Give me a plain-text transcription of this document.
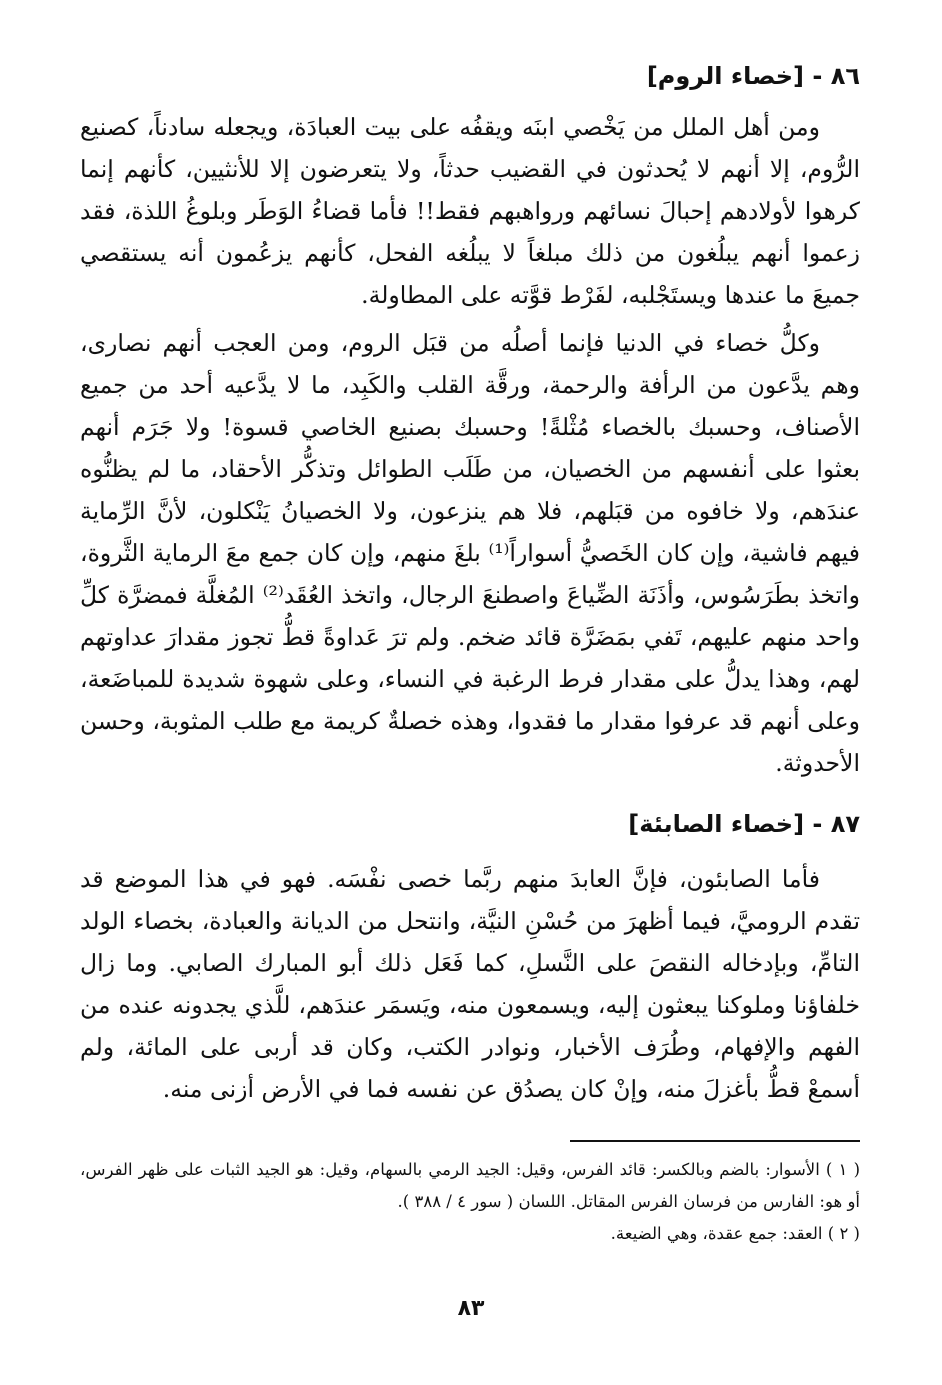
٨٦ - [خصاء الروم]

ومن أهل الملل من يَخْصي ابنَه ويقفُه على بيت العبادَة، ويجعله سادناً، كصنيع الرُّوم، إلا أنهم لا يُحدثون في القضيب حدثاً، ولا يتعرضون إلا للأنثيين، كأنهم إنما كرهوا لأولادهم إحبالَ نسائهم ورواهبهم فقط!! فأما قضاءُ الوَطَر وبلوغُ اللذة، فقد زعموا أنهم يبلُغون من ذلك مبلغاً لا يبلُغه الفحل، كأنهم يزعُمون أنه يستقصي جميعَ ما عندها ويستَجْلبه، لفَرْط قوَّته على المطاولة.

وكلُّ خصاء في الدنيا فإنما أصلُه من قبَل الروم، ومن العجب أنهم نصارى، وهم يدَّعون من الرأفة والرحمة، ورقَّة القلب والكَبِد، ما لا يدَّعيه أحد من جميع الأصناف، وحسبك بالخصاء مُثْلةً! وحسبك بصنيع الخاصي قسوة! ولا جَرَم أنهم بعثوا على أنفسهم من الخصيان، من طَلَب الطوائل وتذكُّر الأحقاد، ما لم يظنُّوه عندَهم، ولا خافوه من قبَلهم، فلا هم ينزعون، ولا الخصيانُ يَنْكلون، لأنَّ الرِّماية فيهم فاشية، وإن كان الخَصيُّ أسواراً⁽¹⁾ بلغَ منهم، وإن كان جمع معَ الرماية الثَّروة، واتخذ بطَرَسُوس، وأذَنَة الضِّياعَ واصطنعَ الرجال، واتخذ العُقَد⁽²⁾ المُغلَّة فمضرَّة كلِّ واحد منهم عليهم، تَفي بمَضَرَّة قائد ضخم. ولم ترَ عَداوةً قطُّ تجوز مقدارَ عداوتهم لهم، وهذا يدلُّ على مقدار فرط الرغبة في النساء، وعلى شهوة شديدة للمباضَعة، وعلى أنهم قد عرفوا مقدار ما فقدوا، وهذه خصلةٌ كريمة مع طلب المثوبة، وحسن الأحدوثة.

٨٧ - [خصاء الصابئة]

فأما الصابئون، فإنَّ العابدَ منهم ربَّما خصى نفْسَه. فهو في هذا الموضع قد تقدم الروميَّ، فيما أظهرَ من حُسْنِ النيَّة، وانتحل من الديانة والعبادة، بخصاء الولد التامِّ، وبإدخاله النقصَ على النَّسلِ، كما فَعَل ذلك أبو المبارك الصابي. وما زال خلفاؤنا وملوكنا يبعثون إليه، ويسمعون منه، ويَسمَر عندَهم، للَّذي يجدونه عنده من الفهم والإفهام، وطُرَف الأخبار، ونوادر الكتب، وكان قد أربى على المائة، ولم أسمعْ قطُّ بأغزلَ منه، وإنْ كان يصدُق عن نفسه فما في الأرض أزنى منه.

( ١ ) الأسوار: بالضم وبالكسر: قائد الفرس، وقيل: الجيد الرمي بالسهام، وقيل: هو الجيد الثبات على ظهر الفرس، أو هو: الفارس من فرسان الفرس المقاتل. اللسان ( سور ٤ / ٣٨٨ ).

( ٢ ) العقد: جمع عقدة، وهي الضيعة.

٨٣
